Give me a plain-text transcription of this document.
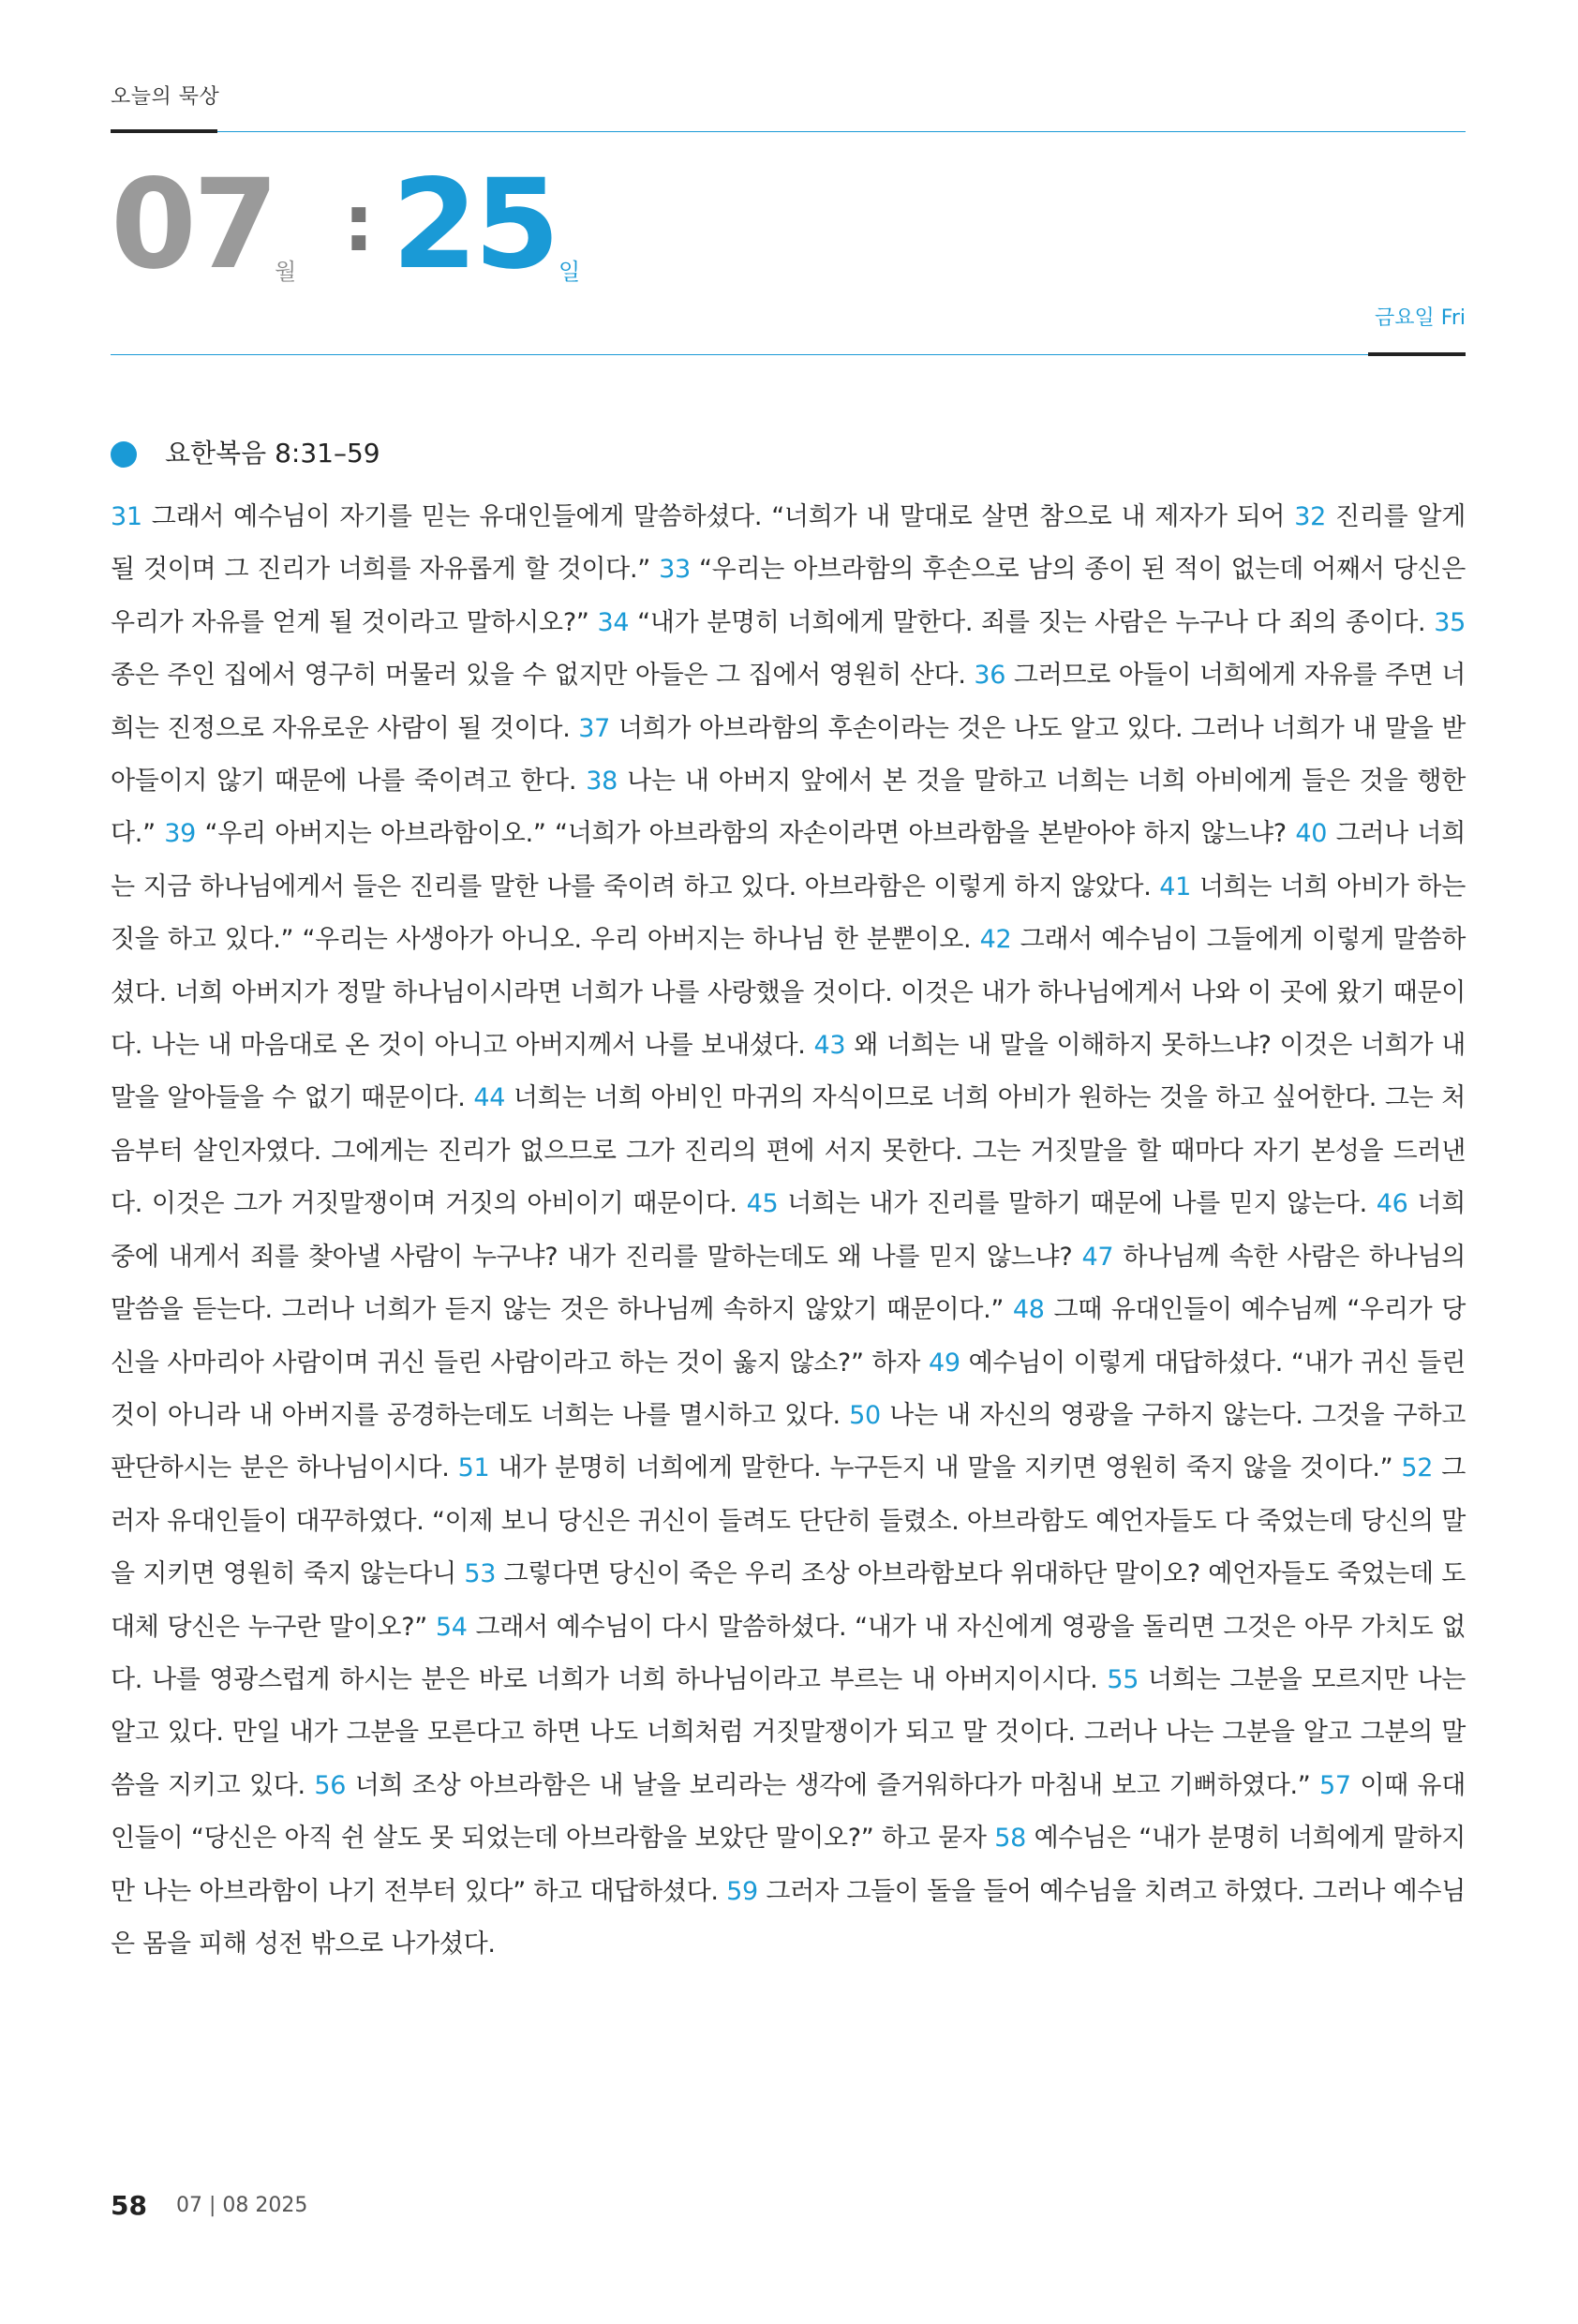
오늘의 묵상
07 월
: 25 일
금요일 Fri
요한복음 8:31–59
31 그래서 예수님이 자기를 믿는 유대인들에게 말씀하셨다. “너희가 내 말대로 살면 참으로 내 제자가 되어 32 진리를 알게 될 것이며 그 진리가 너희를 자유롭게 할 것이다.” 33 “우리는 아브라함의 후손으로 남의 종이 된 적이 없는데 어째서 당신은 우리가 자유를 얻게 될 것이라고 말하시오?” 34 “내가 분명히 너희에게 말한다. 죄를 짓는 사람은 누구나 다 죄의 종이다. 35 종은 주인 집에서 영구히 머물러 있을 수 없지만 아들은 그 집에서 영원히 산다. 36 그러므로 아들이 너희에게 자유를 주면 너희는 진정으로 자유로운 사람이 될 것이다. 37 너희가 아브라함의 후손이라는 것은 나도 알고 있다. 그러나 너희가 내 말을 받아들이지 않기 때문에 나를 죽이려고 한다. 38 나는 내 아버지 앞에서 본 것을 말하고 너희는 너희 아비에게 들은 것을 행한다.” 39 “우리 아버지는 아브라함이오.” “너희가 아브라함의 자손이라면 아브라함을 본받아야 하지 않느냐? 40 그러나 너희는 지금 하나님에게서 들은 진리를 말한 나를 죽이려 하고 있다. 아브라함은 이렇게 하지 않았다. 41 너희는 너희 아비가 하는 짓을 하고 있다.” “우리는 사생아가 아니오. 우리 아버지는 하나님 한 분뿐이오. 42 그래서 예수님이 그들에게 이렇게 말씀하셨다. 너희 아버지가 정말 하나님이시라면 너희가 나를 사랑했을 것이다. 이것은 내가 하나님에게서 나와 이 곳에 왔기 때문이다. 나는 내 마음대로 온 것이 아니고 아버지께서 나를 보내셨다. 43 왜 너희는 내 말을 이해하지 못하느냐? 이것은 너희가 내 말을 알아들을 수 없기 때문이다. 44 너희는 너희 아비인 마귀의 자식이므로 너희 아비가 원하는 것을 하고 싶어한다. 그는 처음부터 살인자였다. 그에게는 진리가 없으므로 그가 진리의 편에 서지 못한다. 그는 거짓말을 할 때마다 자기 본성을 드러낸다. 이것은 그가 거짓말쟁이며 거짓의 아비이기 때문이다. 45 너희는 내가 진리를 말하기 때문에 나를 믿지 않는다. 46 너희 중에 내게서 죄를 찾아낼 사람이 누구냐? 내가 진리를 말하는데도 왜 나를 믿지 않느냐? 47 하나님께 속한 사람은 하나님의 말씀을 듣는다. 그러나 너희가 듣지 않는 것은 하나님께 속하지 않았기 때문이다.” 48 그때 유대인들이 예수님께 “우리가 당신을 사마리아 사람이며 귀신 들린 사람이라고 하는 것이 옳지 않소?” 하자 49 예수님이 이렇게 대답하셨다. “내가 귀신 들린 것이 아니라 내 아버지를 공경하는데도 너희는 나를 멸시하고 있다. 50 나는 내 자신의 영광을 구하지 않는다. 그것을 구하고 판단하시는 분은 하나님이시다. 51 내가 분명히 너희에게 말한다. 누구든지 내 말을 지키면 영원히 죽지 않을 것이다.” 52 그러자 유대인들이 대꾸하였다. “이제 보니 당신은 귀신이 들려도 단단히 들렸소. 아브라함도 예언자들도 다 죽었는데 당신의 말을 지키면 영원히 죽지 않는다니 53 그렇다면 당신이 죽은 우리 조상 아브라함보다 위대하단 말이오? 예언자들도 죽었는데 도대체 당신은 누구란 말이오?” 54 그래서 예수님이 다시 말씀하셨다. “내가 내 자신에게 영광을 돌리면 그것은 아무 가치도 없다. 나를 영광스럽게 하시는 분은 바로 너희가 너희 하나님이라고 부르는 내 아버지이시다. 55 너희는 그분을 모르지만 나는 알고 있다. 만일 내가 그분을 모른다고 하면 나도 너희처럼 거짓말쟁이가 되고 말 것이다. 그러나 나는 그분을 알고 그분의 말씀을 지키고 있다. 56 너희 조상 아브라함은 내 날을 보리라는 생각에 즐거워하다가 마침내 보고 기뻐하였다.” 57 이때 유대인들이 “당신은 아직 쉰 살도 못 되었는데 아브라함을 보았단 말이오?” 하고 묻자 58 예수님은 “내가 분명히 너희에게 말하지만 나는 아브라함이 나기 전부터 있다” 하고 대답하셨다. 59 그러자 그들이 돌을 들어 예수님을 치려고 하였다. 그러나 예수님은 몸을 피해 성전 밖으로 나가셨다.
58 07 | 08 2025
